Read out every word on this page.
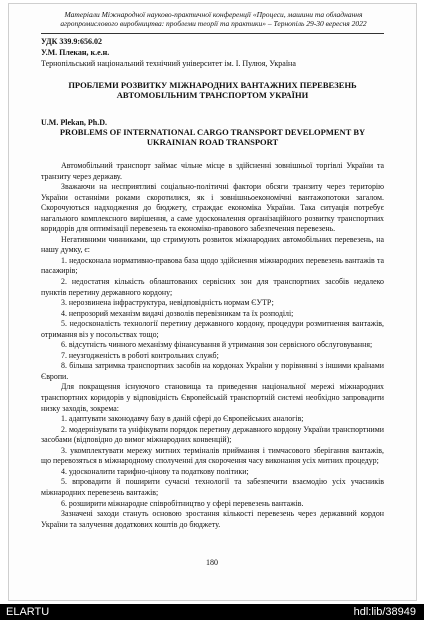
Матеріали Міжнародної науково-практичної конференції «Процеси, машини та обладнання
агропромислового виробництва: проблеми теорії та практики» – Тернопіль 29-30 вересня 2022
УДК 339.9:656.02
У.М. Плекан, к.е.н.
Тернопільський національний технічний університет ім. І. Пулюя, Україна
ПРОБЛЕМИ РОЗВИТКУ МІЖНАРОДНИХ ВАНТАЖНИХ ПЕРЕВЕЗЕНЬ
АВТОМОБІЛЬНИМ ТРАНСПОРТОМ УКРАЇНИ
U.M. Plekan, Ph.D.
PROBLEMS OF INTERNATIONAL CARGO TRANSPORT DEVELOPMENT BY
UKRAINIAN ROAD TRANSPORT

Автомобільний транспорт займає чільне місце в здійсненні зовнішньої торгівлі України та транзиту через державу.

Зважаючи на несприятливі соціально-політичні фактори обсяги транзиту через територію України останніми роками скоротилися, як і зовнішньоекономічні вантажопотоки загалом. Скорочуються надходження до бюджету, страждає економіка України. Така ситуація потребує нагального комплексного вирішення, а саме удосконалення організаційного розвитку транспортних коридорів для оптимізації перевезень та економіко-правового забезпечення перевезень.

Негативними чинниками, що стримують розвиток міжнародних автомобільних перевезень, на нашу думку, є:

1. недосконала нормативно-правова база щодо здійснення міжнародних перевезень вантажів та пасажирів;

2. недостатня кількість облаштованих сервісних зон для транспортних засобів недалеко пунктів перетину державного кордону;

3. нерозвинена інфраструктура, невідповідність нормам ЄУТР;

4. непрозорий механізм видачі дозволів перевізникам та їх розподілі;

5. недосконалість технології перетину державного кордону, процедури розмитнення вантажів, отримання віз у посольствах тощо;

6. відсутність чинного механізму фінансування й утримання зон сервісного обслуговування;

7. неузгодженість в роботі контрольних служб;

8. більша затримка транспортних засобів на кордонах України у порівнянні з іншими країнами Європи.

Для покращення існуючого становища та приведення національної мережі міжнародних транспортних коридорів у відповідність Європейській транспортній системі необхідно запровадити низку заходів, зокрема:

1. адаптувати законодавчу базу в даній сфері до Європейських аналогів;

2. модернізувати та уніфікувати порядок перетину державного кордону України транспортними засобами (відповідно до вимог міжнародних конвенцій);

3. укомплектувати мережу митних терміналів приймання і тимчасового зберігання вантажів, що перевозяться в міжнародному сполученні для скорочення часу виконання усіх митних процедур;

4. удосконалити тарифно-цінову та податкову політики;

5. впровадити й поширити сучасні технології та забезпечити взаємодію усіх учасників міжнародних перевезень вантажів;

6. розширити міжнародне співробітництво у сфері перевезень вантажів.

Зазначені заходи стануть основою зростання кількості перевезень через державний кордон України та залучення додаткових коштів до бюджету.

180
ELARTU	hdl:lib/38949
